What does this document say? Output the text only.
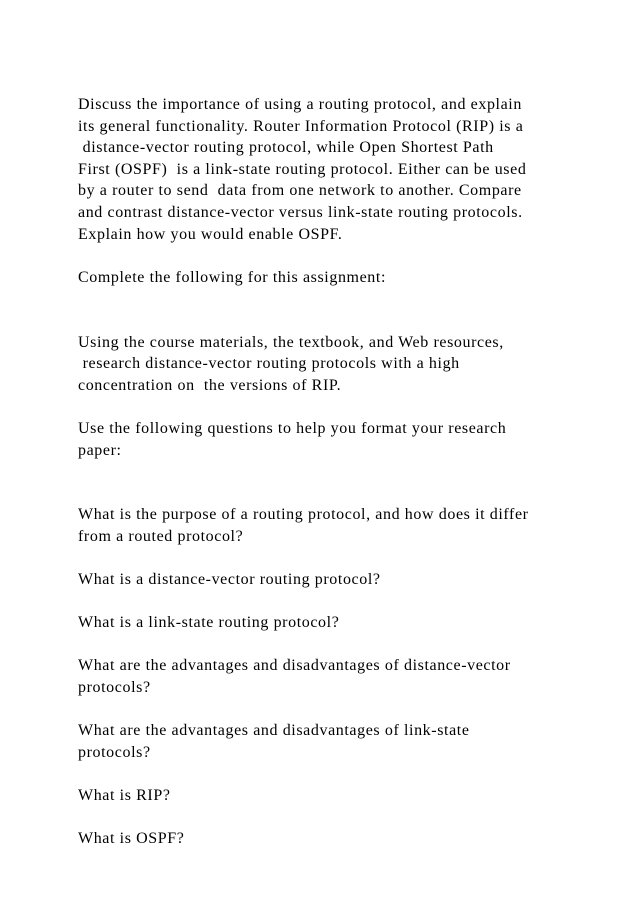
Discuss the importance of using a routing protocol, and explain
its general functionality. Router Information Protocol (RIP) is a
distance-vector routing protocol, while Open Shortest Path
First (OSPF)  is a link-state routing protocol. Either can be used
by a router to send  data from one network to another. Compare
and contrast distance-vector versus link-state routing protocols.
Explain how you would enable OSPF.
Complete the following for this assignment:
Using the course materials, the textbook, and Web resources,
research distance-vector routing protocols with a high
concentration on  the versions of RIP.
Use the following questions to help you format your research
paper:
What is the purpose of a routing protocol, and how does it differ
from a routed protocol?
What is a distance-vector routing protocol?
What is a link-state routing protocol?
What are the advantages and disadvantages of distance-vector
protocols?
What are the advantages and disadvantages of link-state
protocols?
What is RIP?
What is OSPF?
